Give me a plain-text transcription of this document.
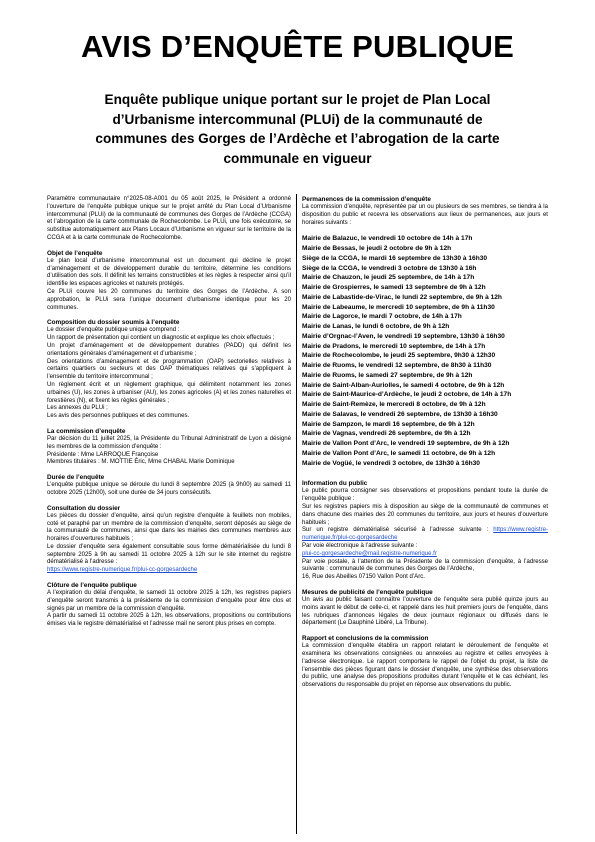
AVIS D’ENQUÊTE PUBLIQUE
Enquête publique unique portant sur le projet de Plan Local
d’Urbanisme intercommunal (PLUi) de la communauté de
communes des Gorges de l’Ardèche et l’abrogation de la carte
communale en vigueur

Paramètre communautaire n°2025-08-A001 du 05 août 2025, le Président a ordonné l’ouverture de l’enquête publique unique sur le projet arrêté du Plan Local d’Urbanisme intercommunal (PLUi) de la communauté de communes des Gorges de l’Ardèche (CCGA) et l’abrogation de la carte communale de Rochecolombe. Le PLUi, une fois exécutoire, se substitue automatiquement aux Plans Locaux d’Urbanisme en vigueur sur le territoire de la CCGA et à la carte communale de Rochecolombe.

Objet de l’enquête

Le plan local d’urbanisme intercommunal est un document qui décline le projet d’aménagement et de développement durable du territoire, détermine les conditions d’utilisation des sols. Il définit les terrains constructibles et les règles à respecter ainsi qu’il identifie les espaces agricoles et naturels protégés.

Ce PLUi couvre les 20 communes du territoire des Gorges de l’Ardèche. A son approbation, le PLUi sera l’unique document d’urbanisme identique pour les 20 communes.

Composition du dossier soumis à l’enquête

Le dossier d’enquête publique unique comprend :

Un rapport de présentation qui contient un diagnostic et explique les choix effectués ;

Un projet d’aménagement et de développement durables (PADD) qui définit les orientations générales d’aménagement et d’urbanisme ;

Des orientations d’aménagement et de programmation (OAP) sectorielles relatives à certains quartiers ou secteurs et des OAP thématiques relatives qui s’appliquent à l’ensemble du territoire intercommunal ;

Un règlement écrit et un règlement graphique, qui délimitent notamment les zones urbaines (U), les zones à urbaniser (AU), les zones agricoles (A) et les zones naturelles et forestières (N), et fixent les règles générales ;

Les annexes du PLUi ;

Les avis des personnes publiques et des communes.

La commission d’enquête

Par décision du 11 juillet 2025, la Présidente du Tribunal Administratif de Lyon a désigné les membres de la commission d’enquête :

Présidente : Mme LARROQUE Françoise

Membres titulaires : M. MOTTIE Éric, Mme CHABAL Marie Dominique

Durée de l’enquête

L’enquête publique unique se déroule du lundi 8 septembre 2025 (à 9h00) au samedi 11 octobre 2025 (12h00), soit une durée de 34 jours consécutifs.

Consultation du dossier

Les pièces du dossier d’enquête, ainsi qu’un registre d’enquête à feuillets non mobiles, coté et paraphé par un membre de la commission d’enquête, seront déposés au siège de la communauté de communes, ainsi que dans les mairies des communes membres aux horaires d’ouvertures habituels ;

Le dossier d’enquête sera également consultable sous forme dématérialisée du lundi 8 septembre 2025 à 9h au samedi 11 octobre 2025 à 12h sur le site internet du registre dématérialisé à l’adresse :

https://www.registre-numerique.fr/plui-cc-gorgesardeche

Clôture de l’enquête publique

A l’expiration du délai d’enquête, le samedi 11 octobre 2025 à 12h, les registres papiers d’enquête seront transmis à la présidente de la commission d’enquête pour être clos et signés par un membre de la commission d’enquête.

A partir du samedi 11 octobre 2025 à 12h, les observations, propositions ou contributions émises via le registre dématérialisé et l’adresse mail ne seront plus prises en compte.

Permanences de la commission d’enquête

La commission d’enquête, représentée par un ou plusieurs de ses membres, se tiendra à la disposition du public et recevra les observations aux lieux de permanences, aux jours et horaires suivants :

Mairie de Balazuc, le vendredi 10 octobre de 14h à 17h

Mairie de Bessas, le jeudi 2 octobre de 9h à 12h

Siège de la CCGA, le mardi 16 septembre de 13h30 à 16h30

Siège de la CCGA, le vendredi 3 octobre de 13h30 à 16h

Mairie de Chauzon, le jeudi 25 septembre, de 14h à 17h

Mairie de Grospierres, le samedi 13 septembre de 9h à 12h

Mairie de Labastide-de-Virac, le lundi 22 septembre, de 9h à 12h

Mairie de Labeaume, le mercredi 10 septembre, de 9h à 11h30

Mairie de Lagorce, le mardi 7 octobre, de 14h à 17h

Mairie de Lanas, le lundi 6 octobre, de 9h à 12h

Mairie d’Orgnac-l’Aven, le vendredi 19 septembre, 13h30 à 16h30

Mairie de Pradons, le mercredi 10 septembre, de 14h à 17h

Mairie de Rochecolombe, le jeudi 25 septembre, 9h30 à 12h30

Mairie de Ruoms, le vendredi 12 septembre, de 8h30 à 11h30

Mairie de Ruoms, le samedi 27 septembre, de 9h à 12h

Mairie de Saint-Alban-Auriolles, le samedi 4 octobre, de 9h à 12h

Mairie de Saint-Maurice-d’Ardèche, le jeudi 2 octobre, de 14h à 17h

Mairie de Saint-Remèze, le mercredi 8 octobre, de 9h à 12h

Mairie de Salavas, le vendredi 26 septembre, de 13h30 à 16h30

Mairie de Sampzon, le mardi 16 septembre, de 9h à 12h

Mairie de Vagnas, vendredi 26 septembre, de 9h à 12h

Mairie de Vallon Pont d’Arc, le vendredi 19 septembre, de 9h à 12h

Mairie de Vallon Pont d’Arc, le samedi 11 octobre, de 9h à 12h

Mairie de Vogüé, le vendredi 3 octobre, de 13h30 à 16h30

Information du public

Le public pourra consigner ses observations et propositions pendant toute la durée de l’enquête publique :

Sur les registres papiers mis à disposition au siège de la communauté de communes et dans chacune des mairies des 20 communes du territoire, aux jours et heures d’ouverture habituels ;

Sur un registre dématérialisé sécurisé à l’adresse suivante : https://www.registre-numerique.fr/plui-cc-gorgesardeche

Par voie électronique à l’adresse suivante :

plui-cc-gorgesardeche@mail.registre-numerique.fr

Par voie postale, à l’attention de la Présidente de la commission d’enquête, à l’adresse suivante : communauté de communes des Gorges de l’Ardèche,

16, Rue des Abeilles 07150 Vallon Pont d’Arc.

Mesures de publicité de l’enquête publique

Un avis au public faisant connaître l’ouverture de l’enquête sera publié quinze jours au moins avant le début de celle-ci, et rappelé dans les huit premiers jours de l’enquête, dans les rubriques d’annonces légales de deux journaux régionaux ou diffusés dans le département (Le Dauphiné Libéré, La Tribune).

Rapport et conclusions de la commission

La commission d’enquête établira un rapport relatant le déroulement de l’enquête et examinera les observations consignées ou annexées au registre et celles envoyées à l’adresse électronique. Le rapport comportera le rappel de l’objet du projet, la liste de l’ensemble des pièces figurant dans le dossier d’enquête, une synthèse des observations du public, une analyse des propositions produites durant l’enquête et le cas échéant, les observations du responsable du projet en réponse aux observations du public.
